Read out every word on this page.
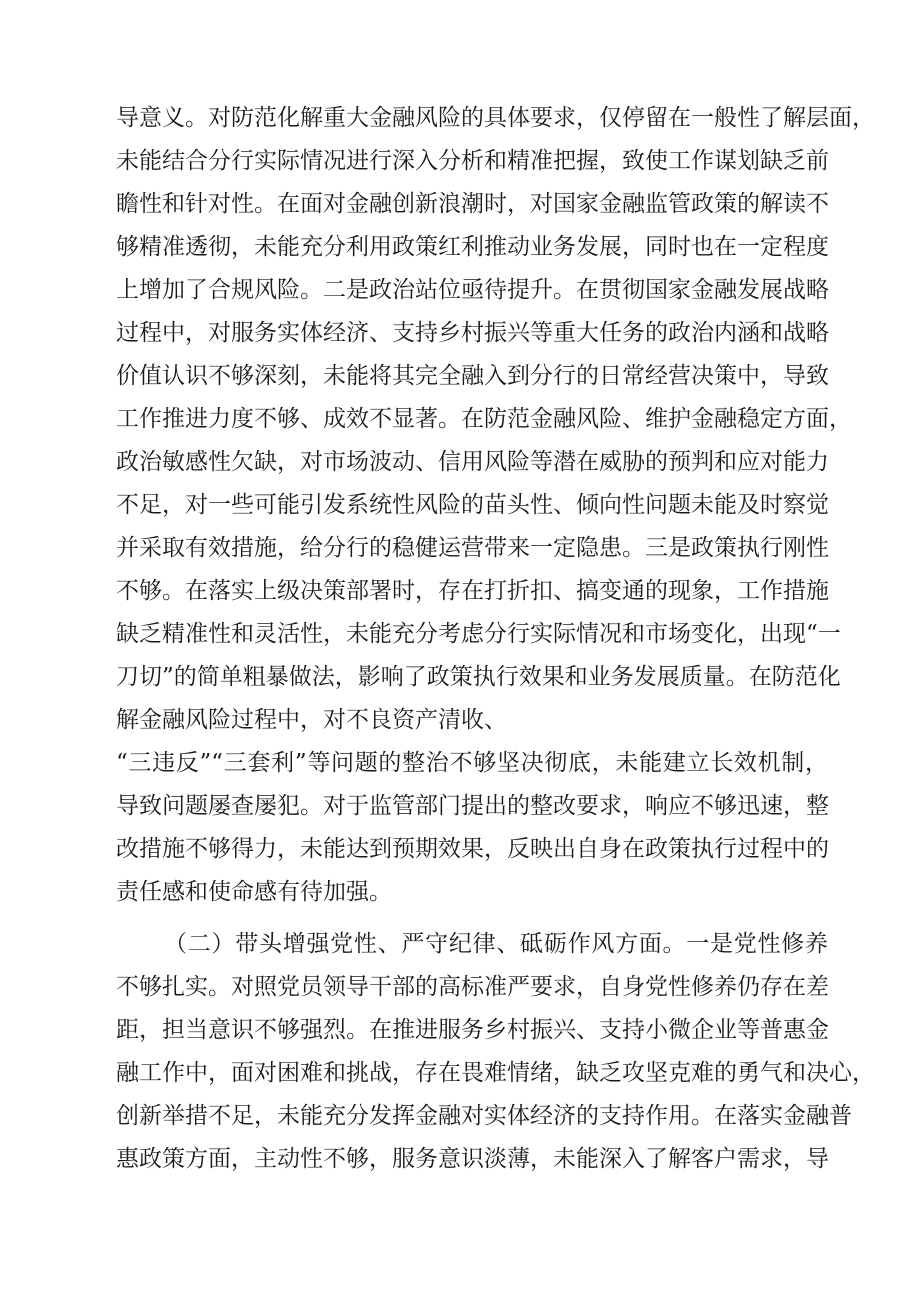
导意义。对防范化解重大金融风险的具体要求，仅停留在一般性了解层面，
未能结合分行实际情况进行深入分析和精准把握，致使工作谋划缺乏前
瞻性和针对性。在面对金融创新浪潮时，对国家金融监管政策的解读不
够精准透彻，未能充分利用政策红利推动业务发展，同时也在一定程度
上增加了合规风险。二是政治站位亟待提升。在贯彻国家金融发展战略
过程中，对服务实体经济、支持乡村振兴等重大任务的政治内涵和战略
价值认识不够深刻，未能将其完全融入到分行的日常经营决策中，导致
工作推进力度不够、成效不显著。在防范金融风险、维护金融稳定方面，
政治敏感性欠缺，对市场波动、信用风险等潜在威胁的预判和应对能力
不足，对一些可能引发系统性风险的苗头性、倾向性问题未能及时察觉
并采取有效措施，给分行的稳健运营带来一定隐患。三是政策执行刚性
不够。在落实上级决策部署时，存在打折扣、搞变通的现象，工作措施
缺乏精准性和灵活性，未能充分考虑分行实际情况和市场变化，出现“一
刀切”的简单粗暴做法，影响了政策执行效果和业务发展质量。在防范化
解金融风险过程中，对不良资产清收、
“三违反”“三套利”等问题的整治不够坚决彻底，未能建立长效机制，
导致问题屡查屡犯。对于监管部门提出的整改要求，响应不够迅速，整
改措施不够得力，未能达到预期效果，反映出自身在政策执行过程中的
责任感和使命感有待加强。
（二）带头增强党性、严守纪律、砥砺作风方面。一是党性修养
不够扎实。对照党员领导干部的高标准严要求，自身党性修养仍存在差
距，担当意识不够强烈。在推进服务乡村振兴、支持小微企业等普惠金
融工作中，面对困难和挑战，存在畏难情绪，缺乏攻坚克难的勇气和决心，
创新举措不足，未能充分发挥金融对实体经济的支持作用。在落实金融普
惠政策方面，主动性不够，服务意识淡薄，未能深入了解客户需求，导
